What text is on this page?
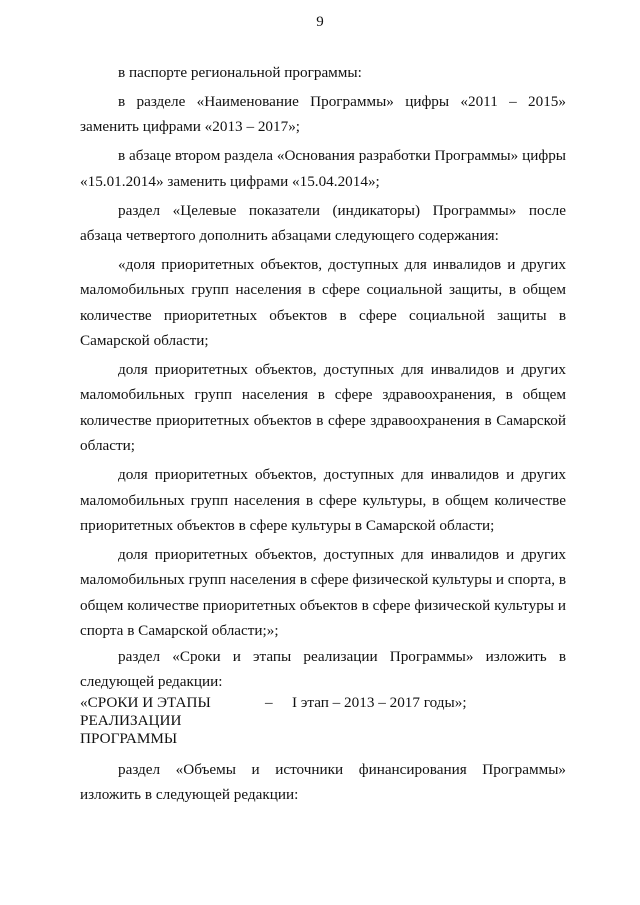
9

в паспорте региональной программы:

в разделе «Наименование Программы» цифры «2011 – 2015» заменить цифрами «2013 – 2017»;

в абзаце втором раздела «Основания разработки Программы» цифры «15.01.2014» заменить цифрами «15.04.2014»;

раздел «Целевые показатели (индикаторы) Программы» после абзаца четвертого дополнить абзацами следующего содержания:

«доля приоритетных объектов, доступных для инвалидов и других маломобильных групп населения в сфере социальной защиты, в общем количестве приоритетных объектов в сфере социальной защиты в Самарской области;

доля приоритетных объектов, доступных для инвалидов и других маломобильных групп населения в сфере здравоохранения, в общем количестве приоритетных объектов в сфере здравоохранения в Самарской области;

доля приоритетных объектов, доступных для инвалидов и других маломобильных групп населения в сфере культуры, в общем количестве приоритетных объектов в сфере культуры в Самарской области;

доля приоритетных объектов, доступных для инвалидов и других маломобильных групп населения в сфере физической культуры и спорта, в общем количестве приоритетных объектов в сфере физической культуры и спорта в Самарской области;»;

раздел «Сроки и этапы реализации Программы» изложить в следующей редакции:

«СРОКИ И ЭТАПЫ
РЕАЛИЗАЦИИ
ПРОГРАММЫ
– I этап – 2013 – 2017 годы»;

раздел «Объемы и источники финансирования Программы» изложить в следующей редакции:
